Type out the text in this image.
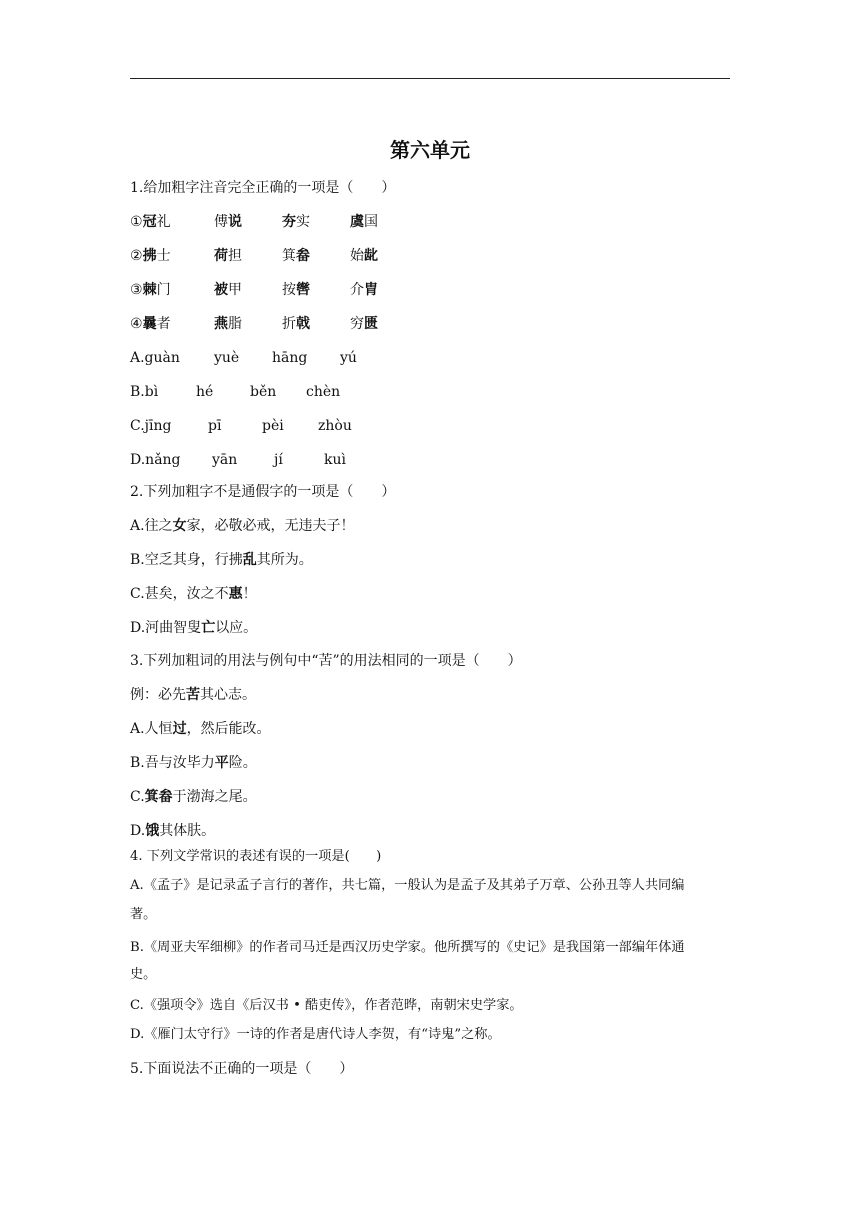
第六单元
1.给加粗字注音完全正确的一项是（　　）
①冠礼	傅说	夯实	虞国
②拂士	荷担	箕畚	始龀
③棘门	被甲	按辔	介胄
④曩者	燕脂	折戟	穷匮
A.guàn yuè hāng yú
B.bì	hé	běn chèn
C.jīng	pī	pèi zhòu
D.nǎng yān	jí	kuì
2.下列加粗字不是通假字的一项是（　　）
A.往之女家，必敬必戒，无违夫子！
B.空乏其身，行拂乱其所为。
C.甚矣，汝之不惠！
D.河曲智叟亡以应。
3.下列加粗词的用法与例句中“苦”的用法相同的一项是（　　）
例：必先苦其心志。
A.人恒过，然后能改。
B.吾与汝毕力平险。
C.箕畚于渤海之尾。
D.饿其体肤。
4. 下列文学常识的表述有误的一项是(　　)
A.《孟子》是记录孟子言行的著作，共七篇，一般认为是孟子及其弟子万章、公孙丑等人共同编
著。
B.《周亚夫军细柳》的作者司马迁是西汉历史学家。他所撰写的《史记》是我国第一部编年体通
史。
C.《强项令》选自《后汉书 • 酷吏传》，作者范晔，南朝宋史学家。
D.《雁门太守行》一诗的作者是唐代诗人李贺，有“诗鬼”之称。
5.下面说法不正确的一项是（　　）
